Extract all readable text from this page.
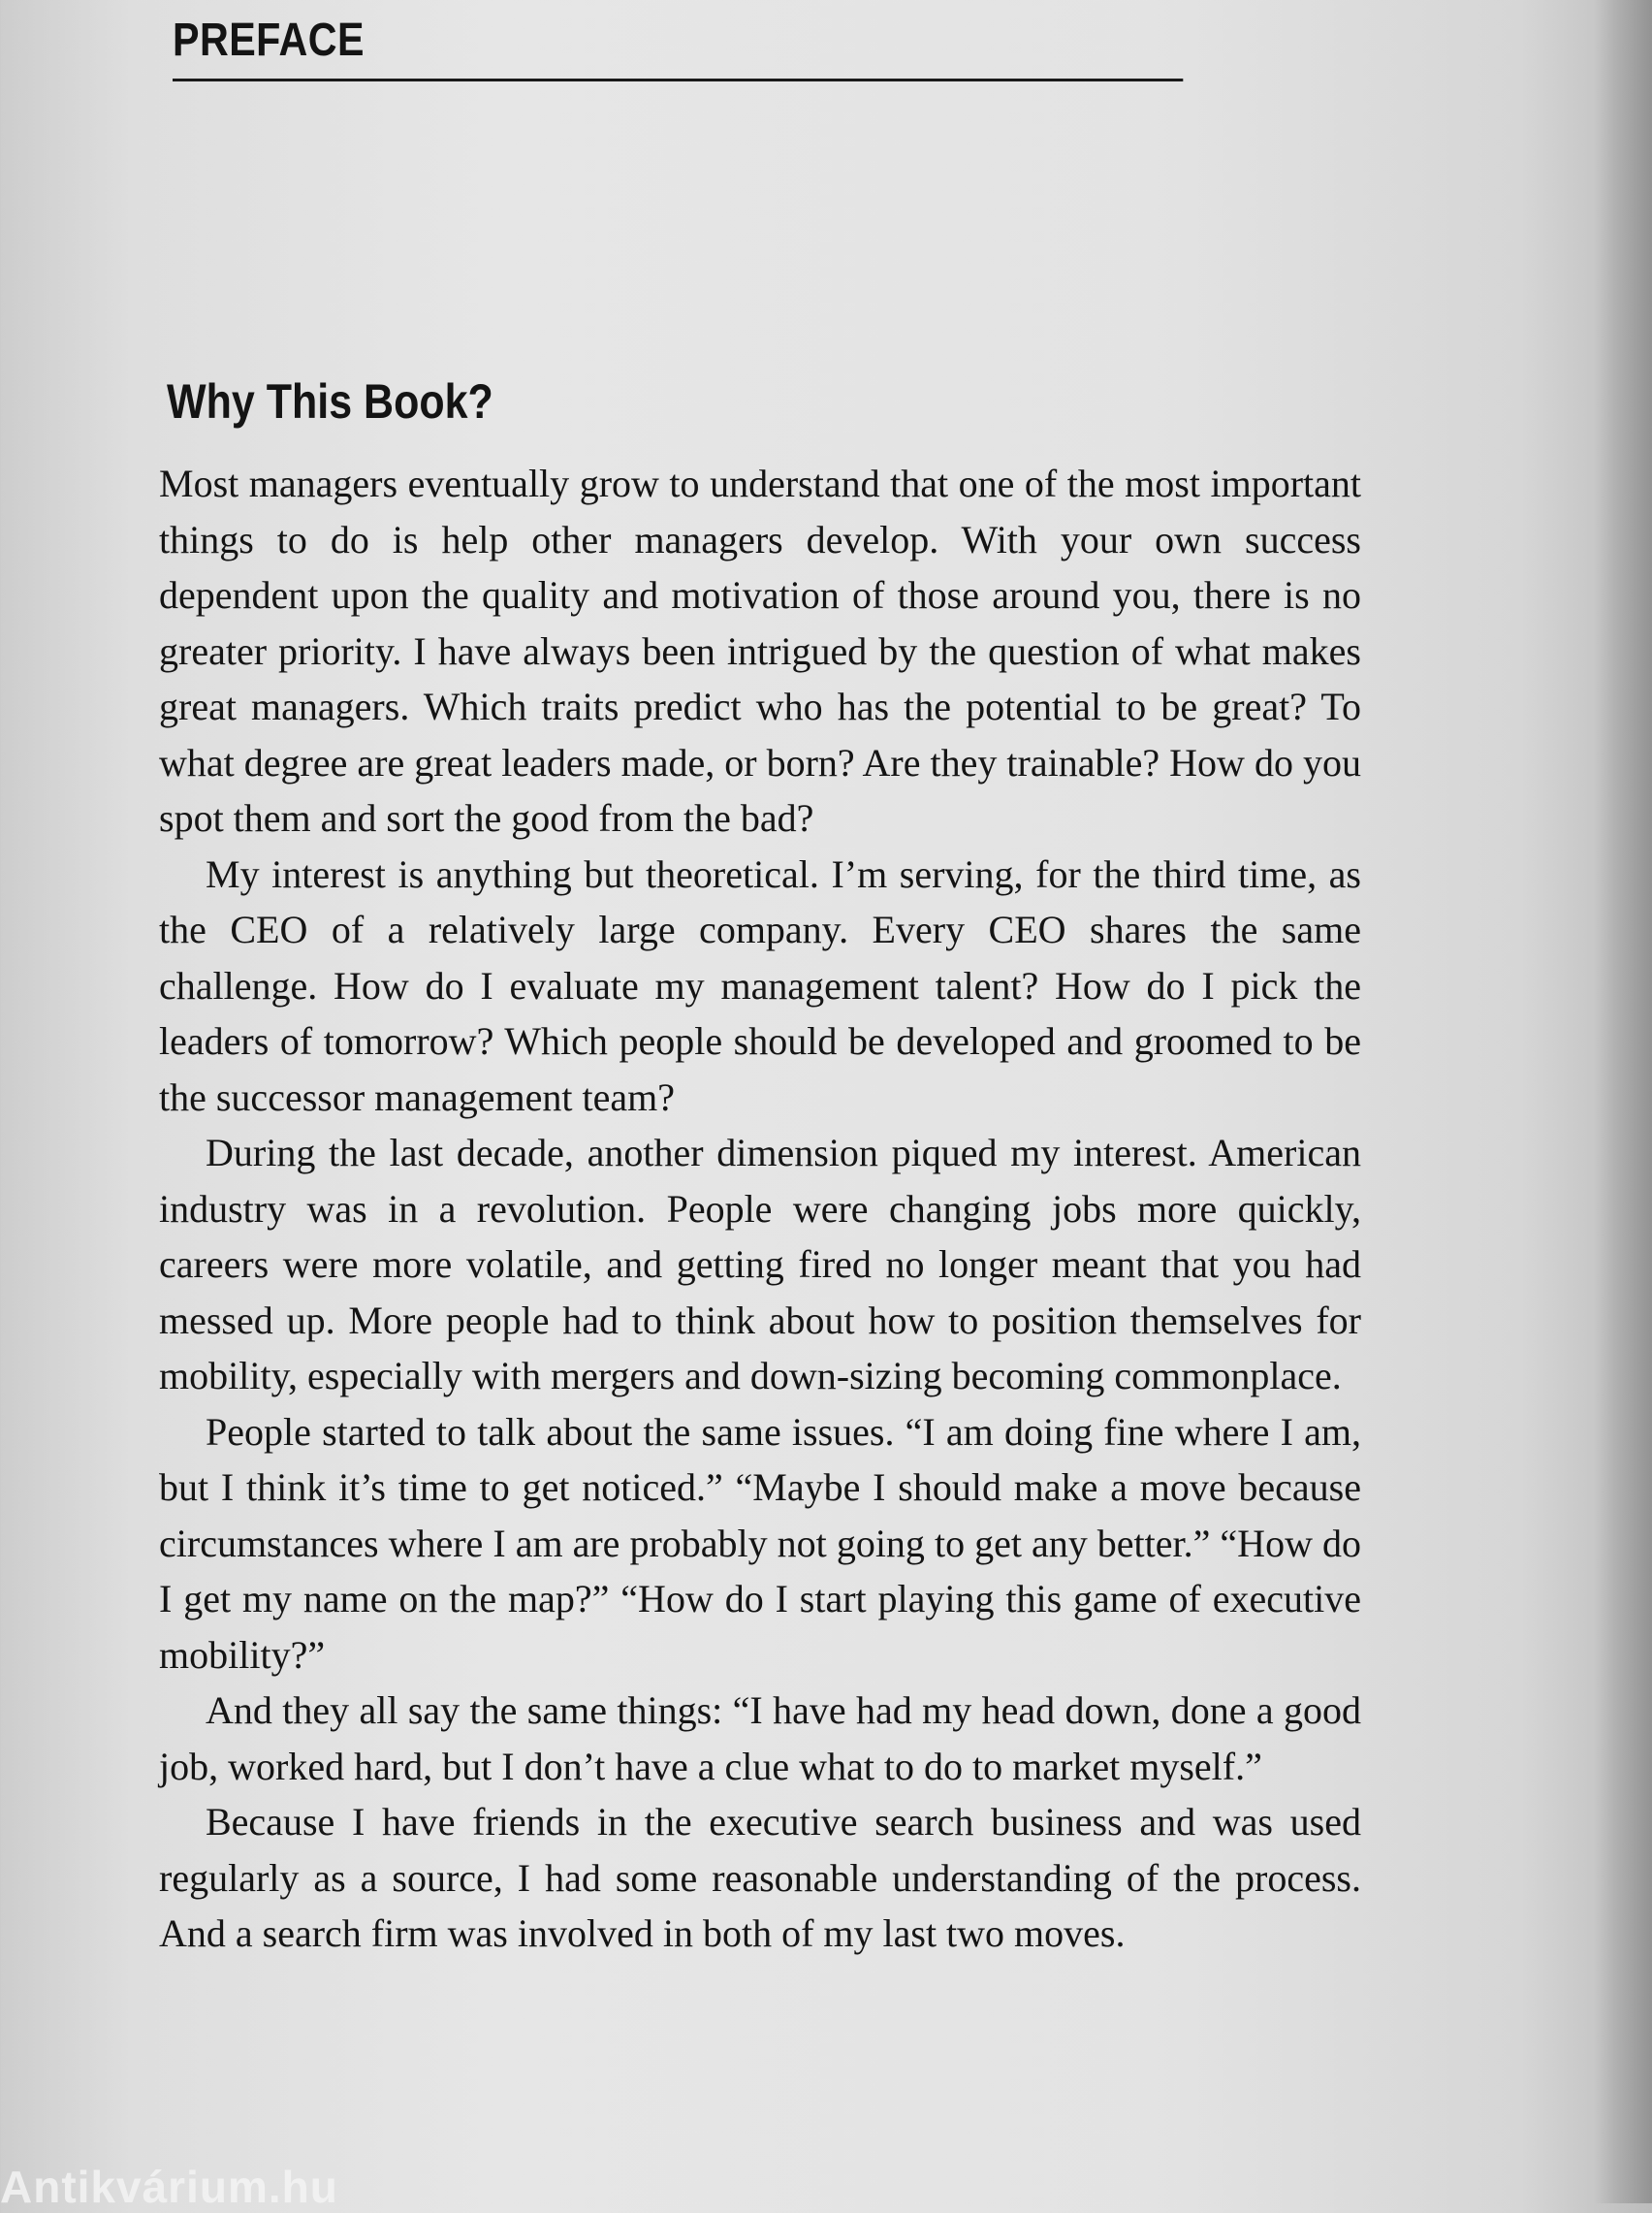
PREFACE
Why This Book?

Most managers eventually grow to understand that one of the most important things to do is help other managers develop. With your own success dependent upon the quality and motivation of those around you, there is no greater priority. I have always been intrigued by the question of what makes great managers. Which traits predict who has the potential to be great? To what degree are great leaders made, or born? Are they trainable? How do you spot them and sort the good from the bad?

My interest is anything but theoretical. I’m serving, for the third time, as the CEO of a relatively large company. Every CEO shares the same challenge. How do I evaluate my management talent? How do I pick the leaders of tomorrow? Which people should be developed and groomed to be the successor management team?

During the last decade, another dimension piqued my interest. American industry was in a revolution. People were changing jobs more quickly, careers were more volatile, and getting fired no longer meant that you had messed up. More people had to think about how to position themselves for mobility, especially with mergers and down-sizing becoming commonplace.

People started to talk about the same issues. “I am doing fine where I am, but I think it’s time to get noticed.” “Maybe I should make a move because circumstances where I am are probably not going to get any better.” “How do I get my name on the map?” “How do I start playing this game of executive mobility?”

And they all say the same things: “I have had my head down, done a good job, worked hard, but I don’t have a clue what to do to market myself.”

Because I have friends in the executive search business and was used regularly as a source, I had some reasonable understanding of the process. And a search firm was involved in both of my last two moves.

Antikvárium.hu
